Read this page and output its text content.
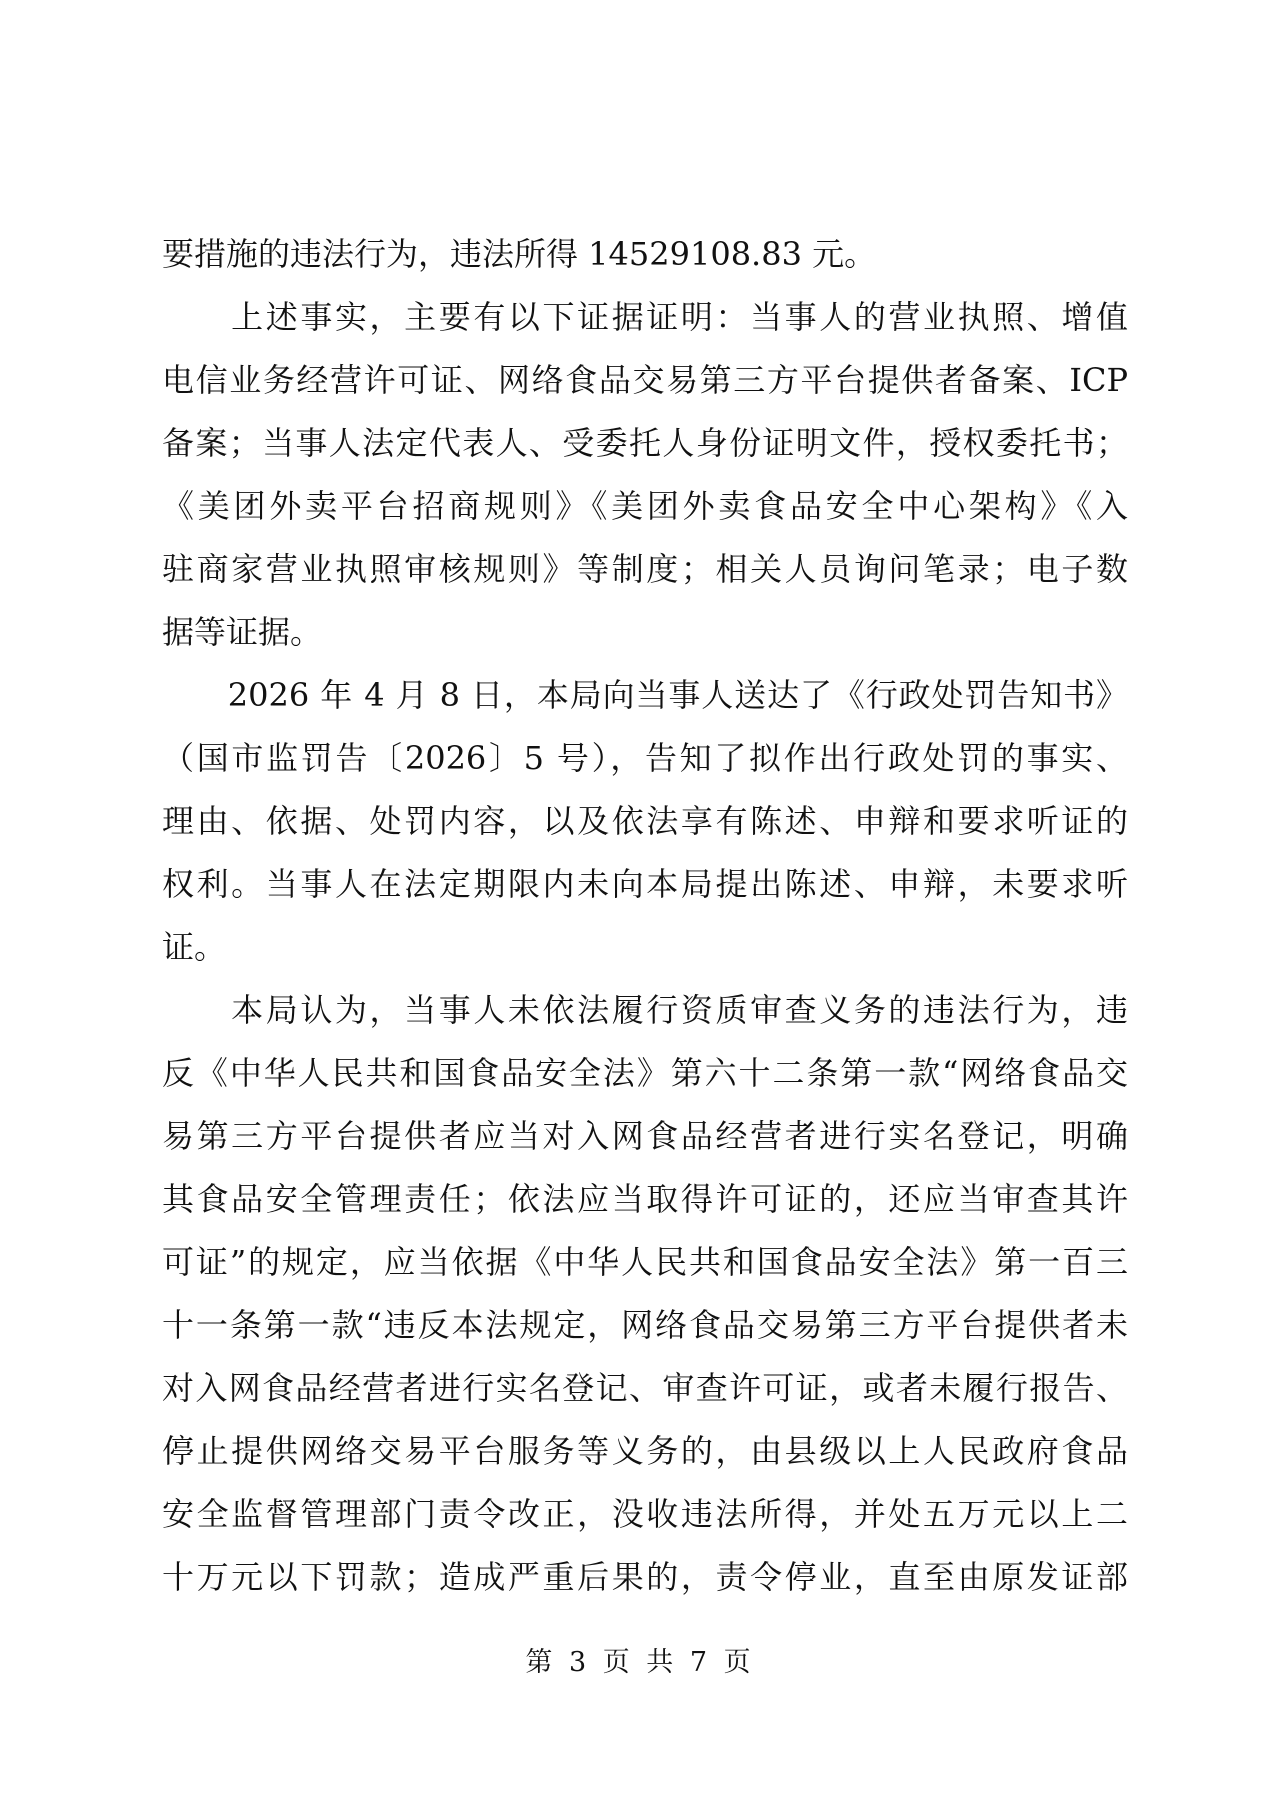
要措施的违法行为，违法所得 14529108.83 元。
　　上述事实，主要有以下证据证明：当事人的营业执照、增值
电信业务经营许可证、网络食品交易第三方平台提供者备案、ICP
备案；当事人法定代表人、受委托人身份证明文件，授权委托书；
《美团外卖平台招商规则》《美团外卖食品安全中心架构》《入
驻商家营业执照审核规则》等制度；相关人员询问笔录；电子数
据等证据。
　　2026 年 4 月 8 日，本局向当事人送达了《行政处罚告知书》
（国市监罚告〔2026〕5 号），告知了拟作出行政处罚的事实、
理由、依据、处罚内容，以及依法享有陈述、申辩和要求听证的
权利。当事人在法定期限内未向本局提出陈述、申辩，未要求听
证。
　　本局认为，当事人未依法履行资质审查义务的违法行为，违
反《中华人民共和国食品安全法》第六十二条第一款“网络食品交
易第三方平台提供者应当对入网食品经营者进行实名登记，明确
其食品安全管理责任；依法应当取得许可证的，还应当审查其许
可证”的规定，应当依据《中华人民共和国食品安全法》第一百三
十一条第一款“违反本法规定，网络食品交易第三方平台提供者未
对入网食品经营者进行实名登记、审查许可证，或者未履行报告、
停止提供网络交易平台服务等义务的，由县级以上人民政府食品
安全监督管理部门责令改正，没收违法所得，并处五万元以上二
十万元以下罚款；造成严重后果的，责令停业，直至由原发证部
第 3 页 共 7 页
